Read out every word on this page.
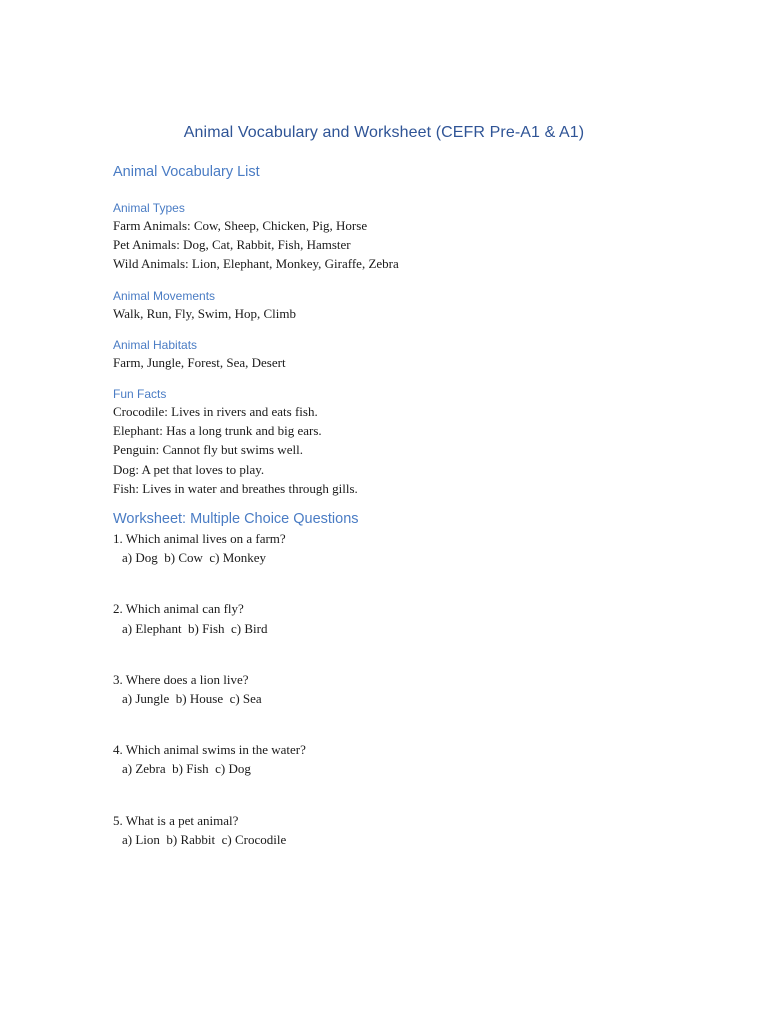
Animal Vocabulary and Worksheet (CEFR Pre-A1 & A1)
Animal Vocabulary List
Animal Types

Farm Animals: Cow, Sheep, Chicken, Pig, Horse

Pet Animals: Dog, Cat, Rabbit, Fish, Hamster

Wild Animals: Lion, Elephant, Monkey, Giraffe, Zebra

Animal Movements

Walk, Run, Fly, Swim, Hop, Climb

Animal Habitats

Farm, Jungle, Forest, Sea, Desert

Fun Facts

Crocodile: Lives in rivers and eats fish.

Elephant: Has a long trunk and big ears.

Penguin: Cannot fly but swims well.

Dog: A pet that loves to play.

Fish: Lives in water and breathes through gills.

Worksheet: Multiple Choice Questions

1. Which animal lives on a farm?

a) Dog  b) Cow  c) Monkey

2. Which animal can fly?

a) Elephant  b) Fish  c) Bird

3. Where does a lion live?

a) Jungle  b) House  c) Sea

4. Which animal swims in the water?

a) Zebra  b) Fish  c) Dog

5. What is a pet animal?

a) Lion  b) Rabbit  c) Crocodile
